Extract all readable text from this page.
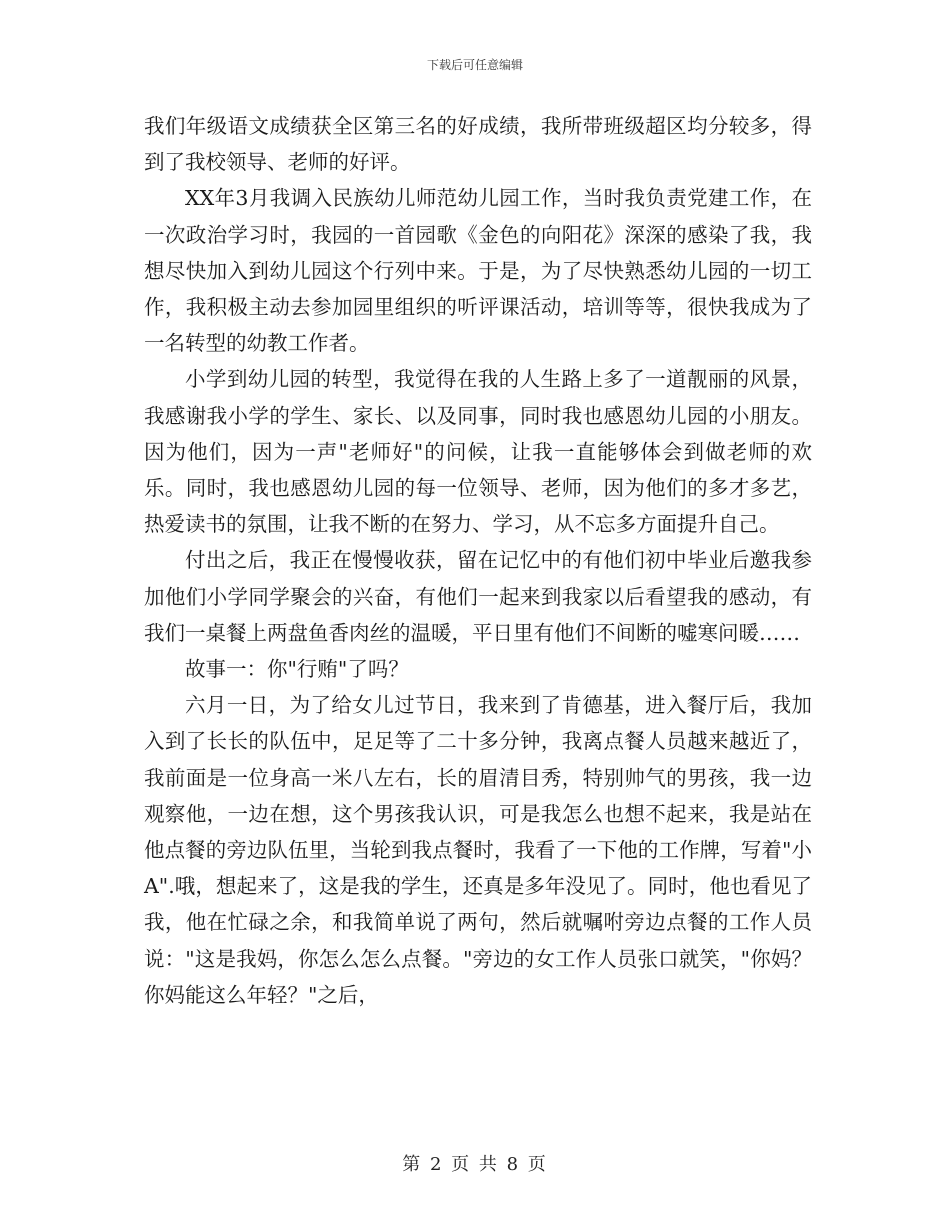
下载后可任意编辑

我们年级语文成绩获全区第三名的好成绩，我所带班级超区均分较多，得到了我校领导、老师的好评。

XX年3月我调入民族幼儿师范幼儿园工作，当时我负责党建工作，在一次政治学习时，我园的一首园歌《金色的向阳花》深深的感染了我，我想尽快加入到幼儿园这个行列中来。于是，为了尽快熟悉幼儿园的一切工作，我积极主动去参加园里组织的听评课活动，培训等等，很快我成为了一名转型的幼教工作者。

小学到幼儿园的转型，我觉得在我的人生路上多了一道靓丽的风景，我感谢我小学的学生、家长、以及同事，同时我也感恩幼儿园的小朋友。因为他们，因为一声"老师好"的问候，让我一直能够体会到做老师的欢乐。同时，我也感恩幼儿园的每一位领导、老师，因为他们的多才多艺，热爱读书的氛围，让我不断的在努力、学习，从不忘多方面提升自己。

付出之后，我正在慢慢收获，留在记忆中的有他们初中毕业后邀我参加他们小学同学聚会的兴奋，有他们一起来到我家以后看望我的感动，有我们一桌餐上两盘鱼香肉丝的温暖，平日里有他们不间断的嘘寒问暖……

故事一：你"行贿"了吗？

六月一日，为了给女儿过节日，我来到了肯德基，进入餐厅后，我加入到了长长的队伍中，足足等了二十多分钟，我离点餐人员越来越近了，我前面是一位身高一米八左右，长的眉清目秀，特别帅气的男孩，我一边观察他，一边在想，这个男孩我认识，可是我怎么也想不起来，我是站在他点餐的旁边队伍里，当轮到我点餐时，我看了一下他的工作牌，写着"小A".哦，想起来了，这是我的学生，还真是多年没见了。同时，他也看见了我，他在忙碌之余，和我简单说了两句，然后就嘱咐旁边点餐的工作人员说："这是我妈，你怎么怎么点餐。"旁边的女工作人员张口就笑，"你妈？你妈能这么年轻？"之后，

第 2 页 共 8 页
